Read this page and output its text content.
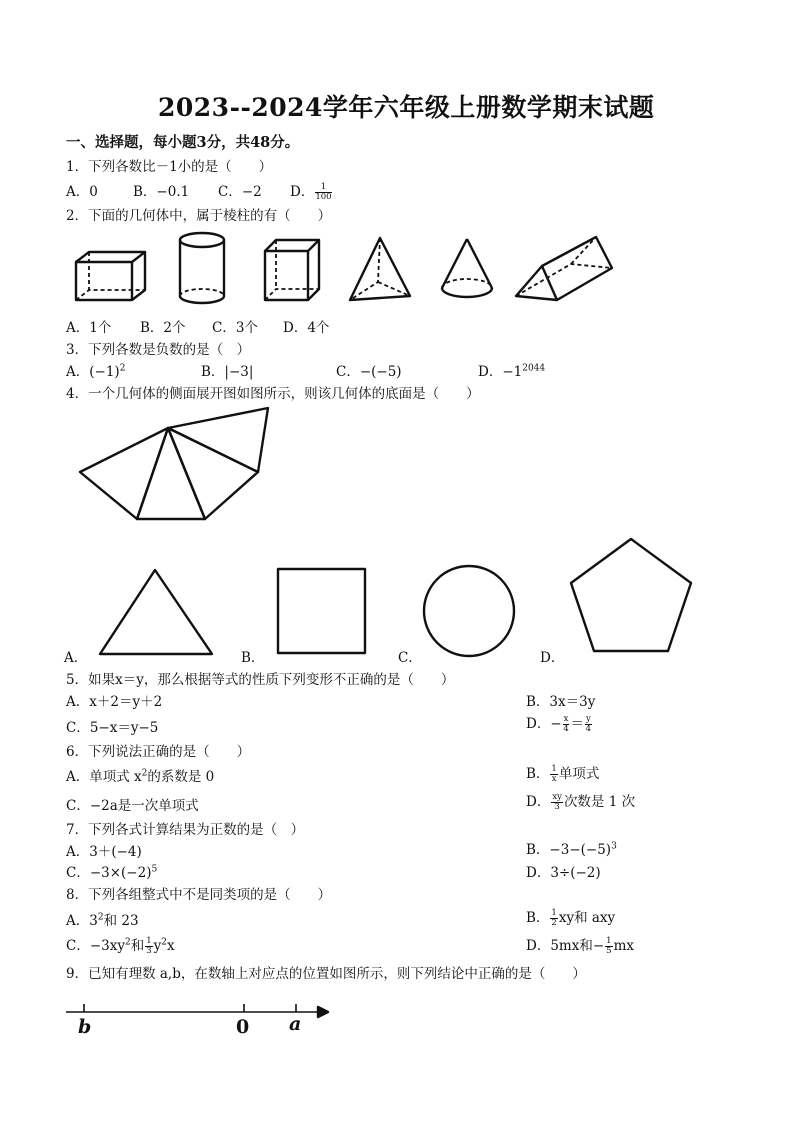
2023--2024学年六年级上册数学期末试题
一、选择题，每小题3分，共48分。
1．下列各数比－1小的是（　　）
A．0	B．−0.1 C．−2 D． $\frac{1}{100}$
2．下面的几何体中，属于棱柱的有（　　）
A．1个 B．2个 C．3个 D．4个
3．下列各数是负数的是（　）
A．$(-1)^2$	B．|−3|	C．−(−5)	D．$-1^{2044}$
4．一个几何体的侧面展开图如图所示，则该几何体的底面是（　　）
A．	B．	C．	D．
5．如果x＝y，那么根据等式的性质下列变形不正确的是（　　）
A．x＋2＝y＋2	B．3x＝3y
C．5−x＝y−5	D．− $\frac{x}{4} = \frac{y}{4}$
6．下列说法正确的是（　　）
A．单项式 $x^2$的系数是 0	B． $\frac{1}{x}$ 单项式
C．−2a是一次单项式	D． $\frac{xy}{3}$ 次数是 1 次
7．下列各式计算结果为正数的是（　）
A．3＋(−4)	B．$-3-(-5)^3$
C．$-3\times(-2)^5$	D．3÷(−2)
8．下列各组整式中不是同类项的是（　　）
A．$3^2$和 23	B． $\frac{1}{2}$ xy和 axy
C．$-3xy^2$和 $\frac{1}{3} y^2x$	D．5mx和− $\frac{1}{5}$ mx
9．已知有理数 a,b，在数轴上对应点的位置如图所示，则下列结论中正确的是（　　）
b	0 a
